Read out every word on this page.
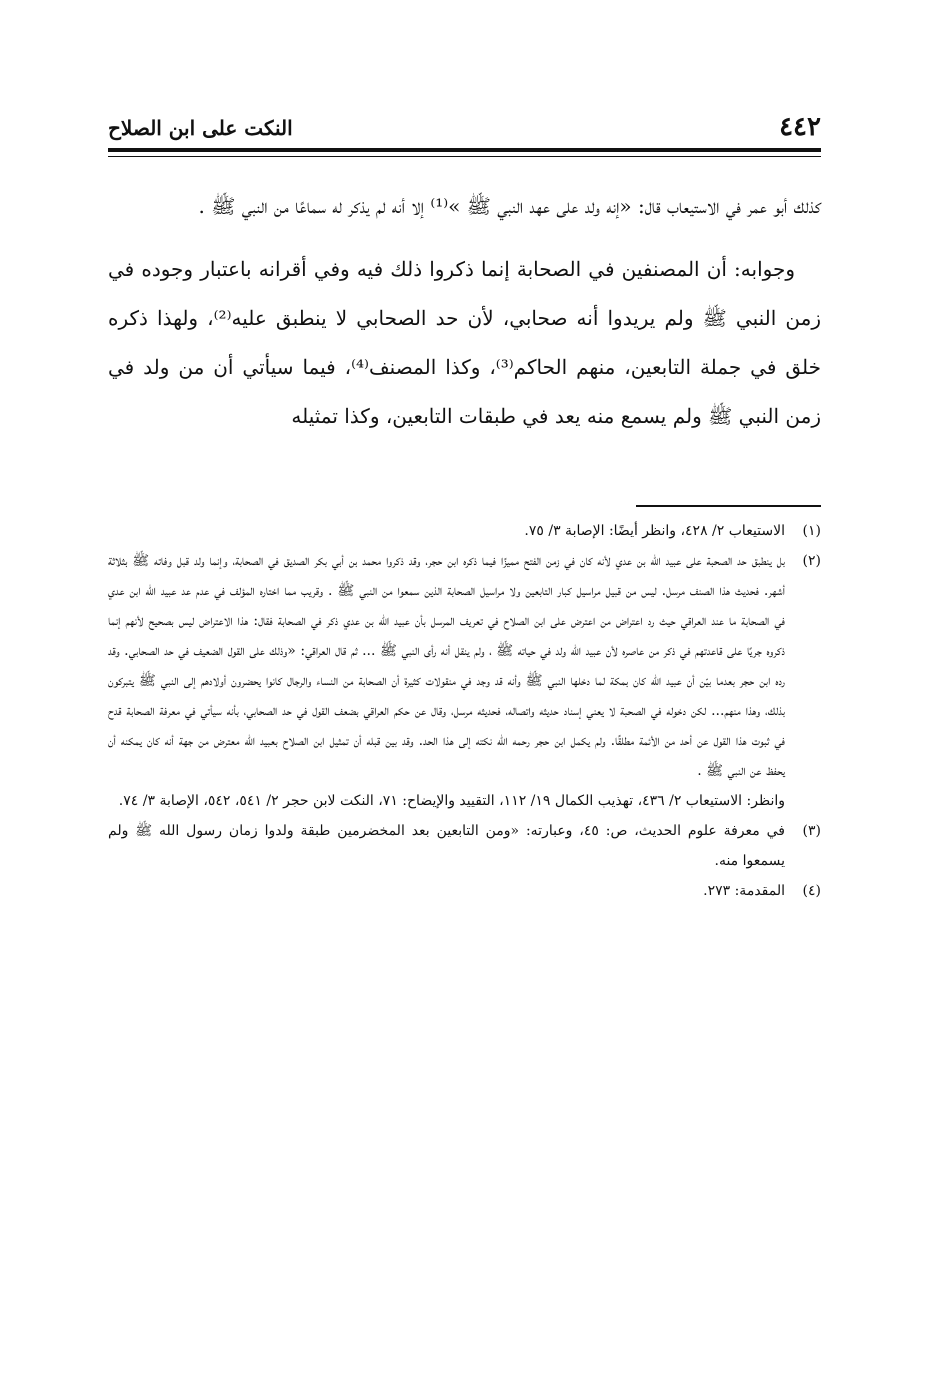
٤٤٢
النكت على ابن الصلاح

كذلك أبو عمر في الاستيعاب قال: «إنه ولد على عهد النبي ﷺ »⁽¹⁾ إلا أنه لم يذكر له سماعًا من النبي ﷺ .

وجوابه: أن المصنفين في الصحابة إنما ذكروا ذلك فيه وفي أقرانه باعتبار وجوده في زمن النبي ﷺ ولم يريدوا أنه صحابي، لأن حد الصحابي لا ينطبق عليه⁽²⁾، ولهذا ذكره خلق في جملة التابعين، منهم الحاكم⁽³⁾، وكذا المصنف⁽⁴⁾، فيما سيأتي أن من ولد في زمن النبي ﷺ ولم يسمع منه يعد في طبقات التابعين، وكذا تمثيله

(١)

الاستيعاب ٢/ ٤٢٨، وانظر أيضًا: الإصابة ٣/ ٧٥.

(٢)

بل ينطبق حد الصحبة على عبيد الله بن عدي لأنه كان في زمن الفتح مميزًا فيما ذكره ابن حجر، وقد ذكروا محمد بن أبي بكر الصديق في الصحابة، وإنما ولد قبل وفاته ﷺ بثلاثة أشهر. فحديث هذا الصنف مرسل. ليس من قبيل مراسيل كبار التابعين ولا مراسيل الصحابة الذين سمعوا من النبي ﷺ . وقريب مما اختاره المؤلف في عدم عد عبيد الله ابن عدي في الصحابة ما عند العراقي حيث رد اعتراض من اعترض على ابن الصلاح في تعريف المرسل بأن عبيد الله بن عدي ذكر في الصحابة فقال: هذا الاعتراض ليس بصحيح لأنهم إنما ذكروه جريًا على قاعدتهم في ذكر من عاصره لأن عبيد الله ولد في حياته ﷺ ، ولم ينقل أنه رأى النبي ﷺ ... ثم قال العراقي: «وذلك على القول الضعيف في حد الصحابي. وقد رده ابن حجر بعدما بيّن أن عبيد الله كان بمكة لما دخلها النبي ﷺ وأنه قد وجد في منقولات كثيرة أن الصحابة من النساء والرجال كانوا يحضرون أولادهم إلى النبي ﷺ يتبركون بذلك، وهذا منهم... لكن دخوله في الصحبة لا يعني إسناد حديثه واتصاله، فحديثه مرسل، وقال عن حكم العراقي بضعف القول في حد الصحابي، بأنه سيأتي في معرفة الصحابة قدح في ثبوت هذا القول عن أحد من الأئمة مطلقًا. ولم يكمل ابن حجر رحمه الله نكته إلى هذا الحد. وقد بين قبله أن تمثيل ابن الصلاح بعبيد الله معترض من جهة أنه كان يمكنه أن يحفظ عن النبي ﷺ .

وانظر: الاستيعاب ٢/ ٤٣٦، تهذيب الكمال ١٩/ ١١٢، التقييد والإيضاح: ٧١، النكت لابن حجر ٢/ ٥٤١، ٥٤٢، الإصابة ٣/ ٧٤.

(٣)

في معرفة علوم الحديث، ص: ٤٥، وعبارته: «ومن التابعين بعد المخضرمين طبقة ولدوا زمان رسول الله ﷺ ولم يسمعوا منه.

(٤)

المقدمة: ٢٧٣.
